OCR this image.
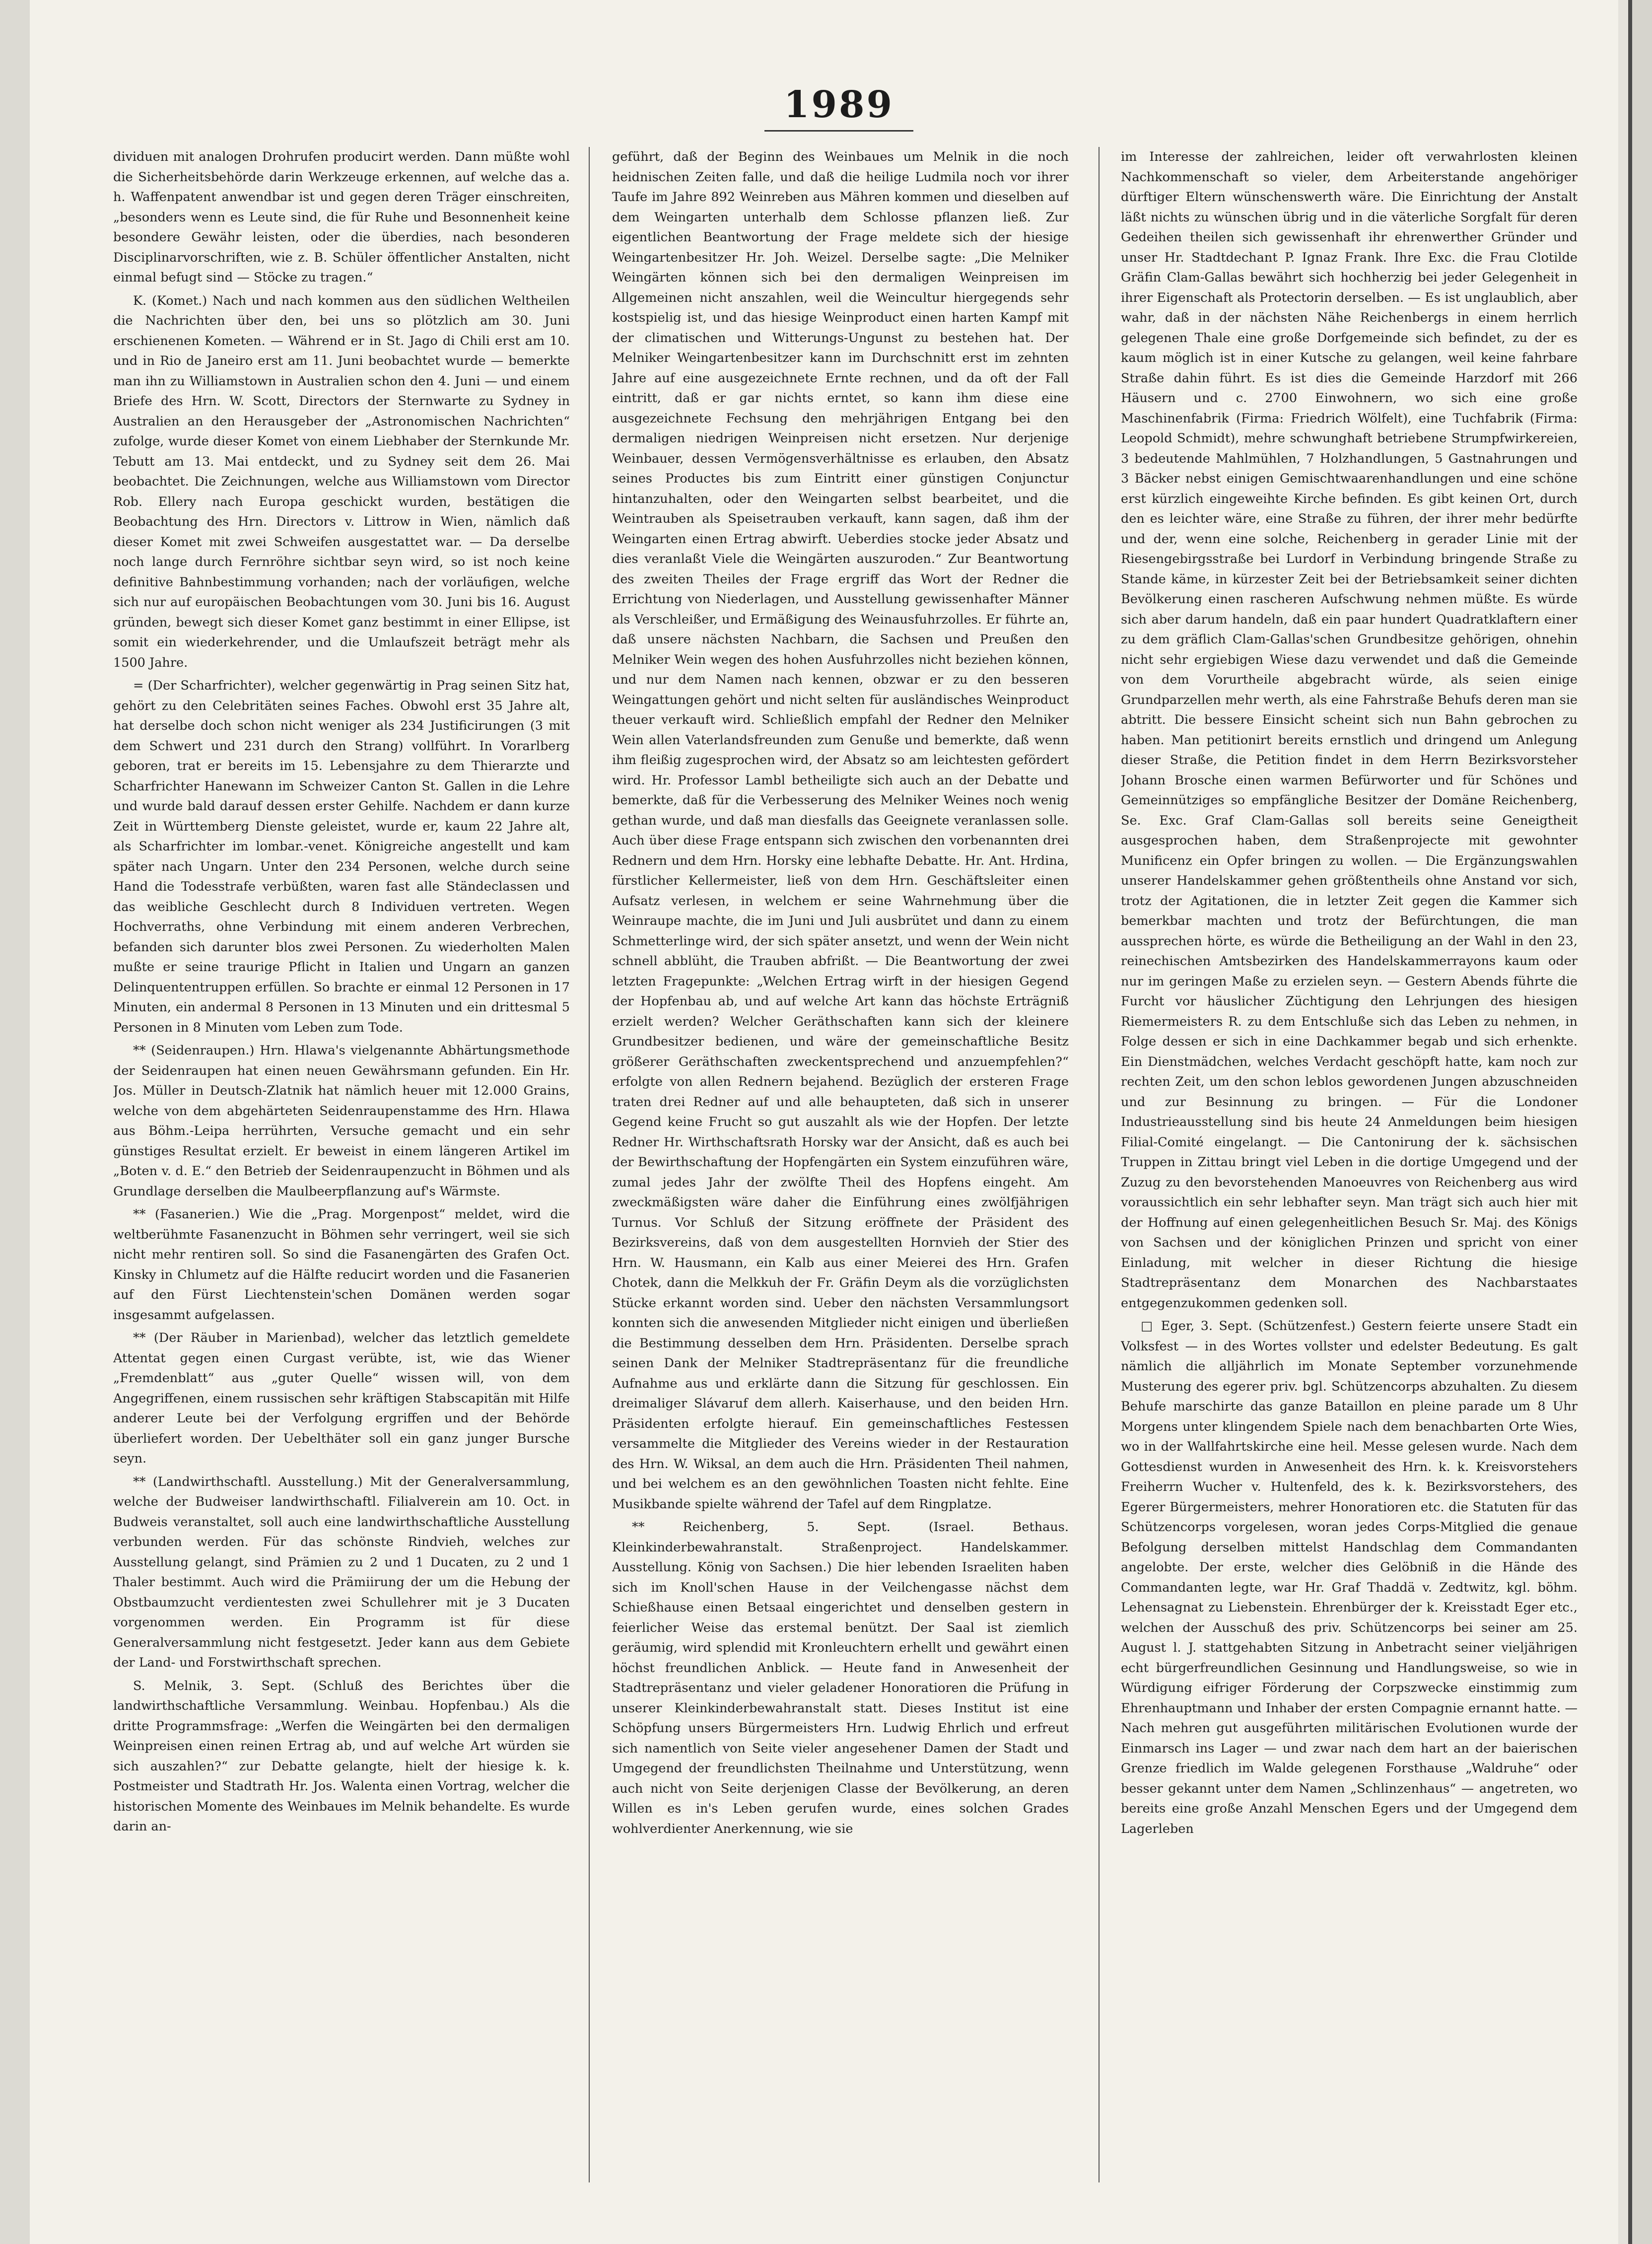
1989

dividuen mit analogen Drohrufen producirt werden. Dann müßte wohl die Sicherheitsbehörde darin Werkzeuge erkennen, auf welche das a. h. Waffenpatent anwendbar ist und gegen deren Träger einschreiten, „besonders wenn es Leute sind, die für Ruhe und Besonnenheit keine besondere Gewähr leisten, oder die überdies, nach besonderen Disciplinarvorschriften, wie z. B. Schüler öffentlicher Anstalten, nicht einmal befugt sind — Stöcke zu tragen.“

K. (Komet.) Nach und nach kommen aus den südlichen Weltheilen die Nachrichten über den, bei uns so plötzlich am 30. Juni erschienenen Kometen. — Während er in St. Jago di Chili erst am 10. und in Rio de Janeiro erst am 11. Juni beobachtet wurde — bemerkte man ihn zu Williamstown in Australien schon den 4. Juni — und einem Briefe des Hrn. W. Scott, Directors der Sternwarte zu Sydney in Australien an den Herausgeber der „Astronomischen Nachrichten“ zufolge, wurde dieser Komet von einem Liebhaber der Sternkunde Mr. Tebutt am 13. Mai entdeckt, und zu Sydney seit dem 26. Mai beobachtet. Die Zeichnungen, welche aus Williamstown vom Director Rob. Ellery nach Europa geschickt wurden, bestätigen die Beobachtung des Hrn. Directors v. Littrow in Wien, nämlich daß dieser Komet mit zwei Schweifen ausgestattet war. — Da derselbe noch lange durch Fernröhre sichtbar seyn wird, so ist noch keine definitive Bahnbestimmung vorhanden; nach der vorläufigen, welche sich nur auf europäischen Beobachtungen vom 30. Juni bis 16. August gründen, bewegt sich dieser Komet ganz bestimmt in einer Ellipse, ist somit ein wiederkehrender, und die Umlaufszeit beträgt mehr als 1500 Jahre.

= (Der Scharfrichter), welcher gegenwärtig in Prag seinen Sitz hat, gehört zu den Celebritäten seines Faches. Obwohl erst 35 Jahre alt, hat derselbe doch schon nicht weniger als 234 Justificirungen (3 mit dem Schwert und 231 durch den Strang) vollführt. In Vorarlberg geboren, trat er bereits im 15. Lebensjahre zu dem Thierarzte und Scharfrichter Hanewann im Schweizer Canton St. Gallen in die Lehre und wurde bald darauf dessen erster Gehilfe. Nachdem er dann kurze Zeit in Württemberg Dienste geleistet, wurde er, kaum 22 Jahre alt, als Scharfrichter im lombar.-venet. Königreiche angestellt und kam später nach Ungarn. Unter den 234 Personen, welche durch seine Hand die Todesstrafe verbüßten, waren fast alle Ständeclassen und das weibliche Geschlecht durch 8 Individuen vertreten. Wegen Hochverraths, ohne Verbindung mit einem anderen Verbrechen, befanden sich darunter blos zwei Personen. Zu wiederholten Malen mußte er seine traurige Pflicht in Italien und Ungarn an ganzen Delinquententruppen erfüllen. So brachte er einmal 12 Personen in 17 Minuten, ein andermal 8 Personen in 13 Minuten und ein drittesmal 5 Personen in 8 Minuten vom Leben zum Tode.

** (Seidenraupen.) Hrn. Hlawa's vielgenannte Abhärtungsmethode der Seidenraupen hat einen neuen Gewährsmann gefunden. Ein Hr. Jos. Müller in Deutsch-Zlatnik hat nämlich heuer mit 12.000 Grains, welche von dem abgehärteten Seidenraupenstamme des Hrn. Hlawa aus Böhm.-Leipa herrührten, Versuche gemacht und ein sehr günstiges Resultat erzielt. Er beweist in einem längeren Artikel im „Boten v. d. E.“ den Betrieb der Seidenraupenzucht in Böhmen und als Grundlage derselben die Maulbeerpflanzung auf's Wärmste.

** (Fasanerien.) Wie die „Prag. Morgenpost“ meldet, wird die weltberühmte Fasanenzucht in Böhmen sehr verringert, weil sie sich nicht mehr rentiren soll. So sind die Fasanengärten des Grafen Oct. Kinsky in Chlumetz auf die Hälfte reducirt worden und die Fasanerien auf den Fürst Liechtenstein'schen Domänen werden sogar insgesammt aufgelassen.

** (Der Räuber in Marienbad), welcher das letztlich gemeldete Attentat gegen einen Curgast verübte, ist, wie das Wiener „Fremdenblatt“ aus „guter Quelle“ wissen will, von dem Angegriffenen, einem russischen sehr kräftigen Stabscapitän mit Hilfe anderer Leute bei der Verfolgung ergriffen und der Behörde überliefert worden. Der Uebelthäter soll ein ganz junger Bursche seyn.

** (Landwirthschaftl. Ausstellung.) Mit der Generalversammlung, welche der Budweiser landwirthschaftl. Filialverein am 10. Oct. in Budweis veranstaltet, soll auch eine landwirthschaftliche Ausstellung verbunden werden. Für das schönste Rindvieh, welches zur Ausstellung gelangt, sind Prämien zu 2 und 1 Ducaten, zu 2 und 1 Thaler bestimmt. Auch wird die Prämiirung der um die Hebung der Obstbaumzucht verdientesten zwei Schullehrer mit je 3 Ducaten vorgenommen werden. Ein Programm ist für diese Generalversammlung nicht festgesetzt. Jeder kann aus dem Gebiete der Land- und Forstwirthschaft sprechen.

S. Melnik, 3. Sept. (Schluß des Berichtes über die landwirthschaftliche Versammlung. Weinbau. Hopfenbau.) Als die dritte Programmsfrage: „Werfen die Weingärten bei den dermaligen Weinpreisen einen reinen Ertrag ab, und auf welche Art würden sie sich auszahlen?“ zur Debatte gelangte, hielt der hiesige k. k. Postmeister und Stadtrath Hr. Jos. Walenta einen Vortrag, welcher die historischen Momente des Weinbaues im Melnik behandelte. Es wurde darin an-

geführt, daß der Beginn des Weinbaues um Melnik in die noch heidnischen Zeiten falle, und daß die heilige Ludmila noch vor ihrer Taufe im Jahre 892 Weinreben aus Mähren kommen und dieselben auf dem Weingarten unterhalb dem Schlosse pflanzen ließ. Zur eigentlichen Beantwortung der Frage meldete sich der hiesige Weingartenbesitzer Hr. Joh. Weizel. Derselbe sagte: „Die Melniker Weingärten können sich bei den dermaligen Weinpreisen im Allgemeinen nicht anszahlen, weil die Weincultur hiergegends sehr kostspielig ist, und das hiesige Weinproduct einen harten Kampf mit der climatischen und Witterungs-Ungunst zu bestehen hat. Der Melniker Weingartenbesitzer kann im Durchschnitt erst im zehnten Jahre auf eine ausgezeichnete Ernte rechnen, und da oft der Fall eintritt, daß er gar nichts erntet, so kann ihm diese eine ausgezeichnete Fechsung den mehrjährigen Entgang bei den dermaligen niedrigen Weinpreisen nicht ersetzen. Nur derjenige Weinbauer, dessen Vermögensverhältnisse es erlauben, den Absatz seines Productes bis zum Eintritt einer günstigen Conjunctur hintanzuhalten, oder den Weingarten selbst bearbeitet, und die Weintrauben als Speisetrauben verkauft, kann sagen, daß ihm der Weingarten einen Ertrag abwirft. Ueberdies stocke jeder Absatz und dies veranlaßt Viele die Weingärten auszuroden.“ Zur Beantwortung des zweiten Theiles der Frage ergriff das Wort der Redner die Errichtung von Niederlagen, und Ausstellung gewissenhafter Männer als Verschleißer, und Ermäßigung des Weinausfuhrzolles. Er führte an, daß unsere nächsten Nachbarn, die Sachsen und Preußen den Melniker Wein wegen des hohen Ausfuhrzolles nicht beziehen können, und nur dem Namen nach kennen, obzwar er zu den besseren Weingattungen gehört und nicht selten für ausländisches Weinproduct theuer verkauft wird. Schließlich empfahl der Redner den Melniker Wein allen Vaterlandsfreunden zum Genuße und bemerkte, daß wenn ihm fleißig zugesprochen wird, der Absatz so am leichtesten gefördert wird. Hr. Professor Lambl betheiligte sich auch an der Debatte und bemerkte, daß für die Verbesserung des Melniker Weines noch wenig gethan wurde, und daß man diesfalls das Geeignete veranlassen solle. Auch über diese Frage entspann sich zwischen den vorbenannten drei Rednern und dem Hrn. Horsky eine lebhafte Debatte. Hr. Ant. Hrdina, fürstlicher Kellermeister, ließ von dem Hrn. Geschäftsleiter einen Aufsatz verlesen, in welchem er seine Wahrnehmung über die Weinraupe machte, die im Juni und Juli ausbrütet und dann zu einem Schmetterlinge wird, der sich später ansetzt, und wenn der Wein nicht schnell abblüht, die Trauben abfrißt. — Die Beantwortung der zwei letzten Fragepunkte: „Welchen Ertrag wirft in der hiesigen Gegend der Hopfenbau ab, und auf welche Art kann das höchste Erträgniß erzielt werden? Welcher Geräthschaften kann sich der kleinere Grundbesitzer bedienen, und wäre der gemeinschaftliche Besitz größerer Geräthschaften zweckentsprechend und anzuempfehlen?“ erfolgte von allen Rednern bejahend. Bezüglich der ersteren Frage traten drei Redner auf und alle behaupteten, daß sich in unserer Gegend keine Frucht so gut auszahlt als wie der Hopfen. Der letzte Redner Hr. Wirthschaftsrath Horsky war der Ansicht, daß es auch bei der Bewirthschaftung der Hopfengärten ein System einzuführen wäre, zumal jedes Jahr der zwölfte Theil des Hopfens eingeht. Am zweckmäßigsten wäre daher die Einführung eines zwölfjährigen Turnus. Vor Schluß der Sitzung eröffnete der Präsident des Bezirksvereins, daß von dem ausgestellten Hornvieh der Stier des Hrn. W. Hausmann, ein Kalb aus einer Meierei des Hrn. Grafen Chotek, dann die Melkkuh der Fr. Gräfin Deym als die vorzüglichsten Stücke erkannt worden sind. Ueber den nächsten Versammlungsort konnten sich die anwesenden Mitglieder nicht einigen und überließen die Bestimmung desselben dem Hrn. Präsidenten. Derselbe sprach seinen Dank der Melniker Stadtrepräsentanz für die freundliche Aufnahme aus und erklärte dann die Sitzung für geschlossen. Ein dreimaliger Slávaruf dem allerh. Kaiserhause, und den beiden Hrn. Präsidenten erfolgte hierauf. Ein gemeinschaftliches Festessen versammelte die Mitglieder des Vereins wieder in der Restauration des Hrn. W. Wiksal, an dem auch die Hrn. Präsidenten Theil nahmen, und bei welchem es an den gewöhnlichen Toasten nicht fehlte. Eine Musikbande spielte während der Tafel auf dem Ringplatze.

** Reichenberg, 5. Sept. (Israel. Bethaus. Kleinkinderbewahranstalt. Straßenproject. Handelskammer. Ausstellung. König von Sachsen.) Die hier lebenden Israeliten haben sich im Knoll'schen Hause in der Veilchengasse nächst dem Schießhause einen Betsaal eingerichtet und denselben gestern in feierlicher Weise das erstemal benützt. Der Saal ist ziemlich geräumig, wird splendid mit Kronleuchtern erhellt und gewährt einen höchst freundlichen Anblick. — Heute fand in Anwesenheit der Stadtrepräsentanz und vieler geladener Honoratioren die Prüfung in unserer Kleinkinderbewahranstalt statt. Dieses Institut ist eine Schöpfung unsers Bürgermeisters Hrn. Ludwig Ehrlich und erfreut sich namentlich von Seite vieler angesehener Damen der Stadt und Umgegend der freundlichsten Theilnahme und Unterstützung, wenn auch nicht von Seite derjenigen Classe der Bevölkerung, an deren Willen es in's Leben gerufen wurde, eines solchen Grades wohlverdienter Anerkennung, wie sie

im Interesse der zahlreichen, leider oft verwahrlosten kleinen Nachkommenschaft so vieler, dem Arbeiterstande angehöriger dürftiger Eltern wünschenswerth wäre. Die Einrichtung der Anstalt läßt nichts zu wünschen übrig und in die väterliche Sorgfalt für deren Gedeihen theilen sich gewissenhaft ihr ehrenwerther Gründer und unser Hr. Stadtdechant P. Ignaz Frank. Ihre Exc. die Frau Clotilde Gräfin Clam-Gallas bewährt sich hochherzig bei jeder Gelegenheit in ihrer Eigenschaft als Protectorin derselben. — Es ist unglaublich, aber wahr, daß in der nächsten Nähe Reichenbergs in einem herrlich gelegenen Thale eine große Dorfgemeinde sich befindet, zu der es kaum möglich ist in einer Kutsche zu gelangen, weil keine fahrbare Straße dahin führt. Es ist dies die Gemeinde Harzdorf mit 266 Häusern und c. 2700 Einwohnern, wo sich eine große Maschinenfabrik (Firma: Friedrich Wölfelt), eine Tuchfabrik (Firma: Leopold Schmidt), mehre schwunghaft betriebene Strumpfwirkereien, 3 bedeutende Mahlmühlen, 7 Holzhandlungen, 5 Gastnahrungen und 3 Bäcker nebst einigen Gemischtwaarenhandlungen und eine schöne erst kürzlich eingeweihte Kirche befinden. Es gibt keinen Ort, durch den es leichter wäre, eine Straße zu führen, der ihrer mehr bedürfte und der, wenn eine solche, Reichenberg in gerader Linie mit der Riesengebirgsstraße bei Lurdorf in Verbindung bringende Straße zu Stande käme, in kürzester Zeit bei der Betriebsamkeit seiner dichten Bevölkerung einen rascheren Aufschwung nehmen müßte. Es würde sich aber darum handeln, daß ein paar hundert Quadratklaftern einer zu dem gräflich Clam-Gallas'schen Grundbesitze gehörigen, ohnehin nicht sehr ergiebigen Wiese dazu verwendet und daß die Gemeinde von dem Vorurtheile abgebracht würde, als seien einige Grundparzellen mehr werth, als eine Fahrstraße Behufs deren man sie abtritt. Die bessere Einsicht scheint sich nun Bahn gebrochen zu haben. Man petitionirt bereits ernstlich und dringend um Anlegung dieser Straße, die Petition findet in dem Herrn Bezirksvorsteher Johann Brosche einen warmen Befürworter und für Schönes und Gemeinnütziges so empfängliche Besitzer der Domäne Reichenberg, Se. Exc. Graf Clam-Gallas soll bereits seine Geneigtheit ausgesprochen haben, dem Straßenprojecte mit gewohnter Munificenz ein Opfer bringen zu wollen. — Die Ergänzungswahlen unserer Handelskammer gehen größtentheils ohne Anstand vor sich, trotz der Agitationen, die in letzter Zeit gegen die Kammer sich bemerkbar machten und trotz der Befürchtungen, die man aussprechen hörte, es würde die Betheiligung an der Wahl in den 23, reinechischen Amtsbezirken des Handelskammerrayons kaum oder nur im geringen Maße zu erzielen seyn. — Gestern Abends führte die Furcht vor häuslicher Züchtigung den Lehrjungen des hiesigen Riemermeisters R. zu dem Entschluße sich das Leben zu nehmen, in Folge dessen er sich in eine Dachkammer begab und sich erhenkte. Ein Dienstmädchen, welches Verdacht geschöpft hatte, kam noch zur rechten Zeit, um den schon leblos gewordenen Jungen abzuschneiden und zur Besinnung zu bringen. — Für die Londoner Industrieausstellung sind bis heute 24 Anmeldungen beim hiesigen Filial-Comité eingelangt. — Die Cantonirung der k. sächsischen Truppen in Zittau bringt viel Leben in die dortige Umgegend und der Zuzug zu den bevorstehenden Manoeuvres von Reichenberg aus wird voraussichtlich ein sehr lebhafter seyn. Man trägt sich auch hier mit der Hoffnung auf einen gelegenheitlichen Besuch Sr. Maj. des Königs von Sachsen und der königlichen Prinzen und spricht von einer Einladung, mit welcher in dieser Richtung die hiesige Stadtrepräsentanz dem Monarchen des Nachbarstaates entgegenzukommen gedenken soll.

□ Eger, 3. Sept. (Schützenfest.) Gestern feierte unsere Stadt ein Volksfest — in des Wortes vollster und edelster Bedeutung. Es galt nämlich die alljährlich im Monate September vorzunehmende Musterung des egerer priv. bgl. Schützencorps abzuhalten. Zu diesem Behufe marschirte das ganze Bataillon en pleine parade um 8 Uhr Morgens unter klingendem Spiele nach dem benachbarten Orte Wies, wo in der Wallfahrtskirche eine heil. Messe gelesen wurde. Nach dem Gottesdienst wurden in Anwesenheit des Hrn. k. k. Kreisvorstehers Freiherrn Wucher v. Hultenfeld, des k. k. Bezirksvorstehers, des Egerer Bürgermeisters, mehrer Honoratioren etc. die Statuten für das Schützencorps vorgelesen, woran jedes Corps-Mitglied die genaue Befolgung derselben mittelst Handschlag dem Commandanten angelobte. Der erste, welcher dies Gelöbniß in die Hände des Commandanten legte, war Hr. Graf Thaddä v. Zedtwitz, kgl. böhm. Lehensagnat zu Liebenstein. Ehrenbürger der k. Kreisstadt Eger etc., welchen der Ausschuß des priv. Schützencorps bei seiner am 25. August l. J. stattgehabten Sitzung in Anbetracht seiner vieljährigen echt bürgerfreundlichen Gesinnung und Handlungsweise, so wie in Würdigung eifriger Förderung der Corpszwecke einstimmig zum Ehrenhauptmann und Inhaber der ersten Compagnie ernannt hatte. — Nach mehren gut ausgeführten militärischen Evolutionen wurde der Einmarsch ins Lager — und zwar nach dem hart an der baierischen Grenze friedlich im Walde gelegenen Forsthause „Waldruhe“ oder besser gekannt unter dem Namen „Schlinzenhaus“ — angetreten, wo bereits eine große Anzahl Menschen Egers und der Umgegend dem Lagerleben
